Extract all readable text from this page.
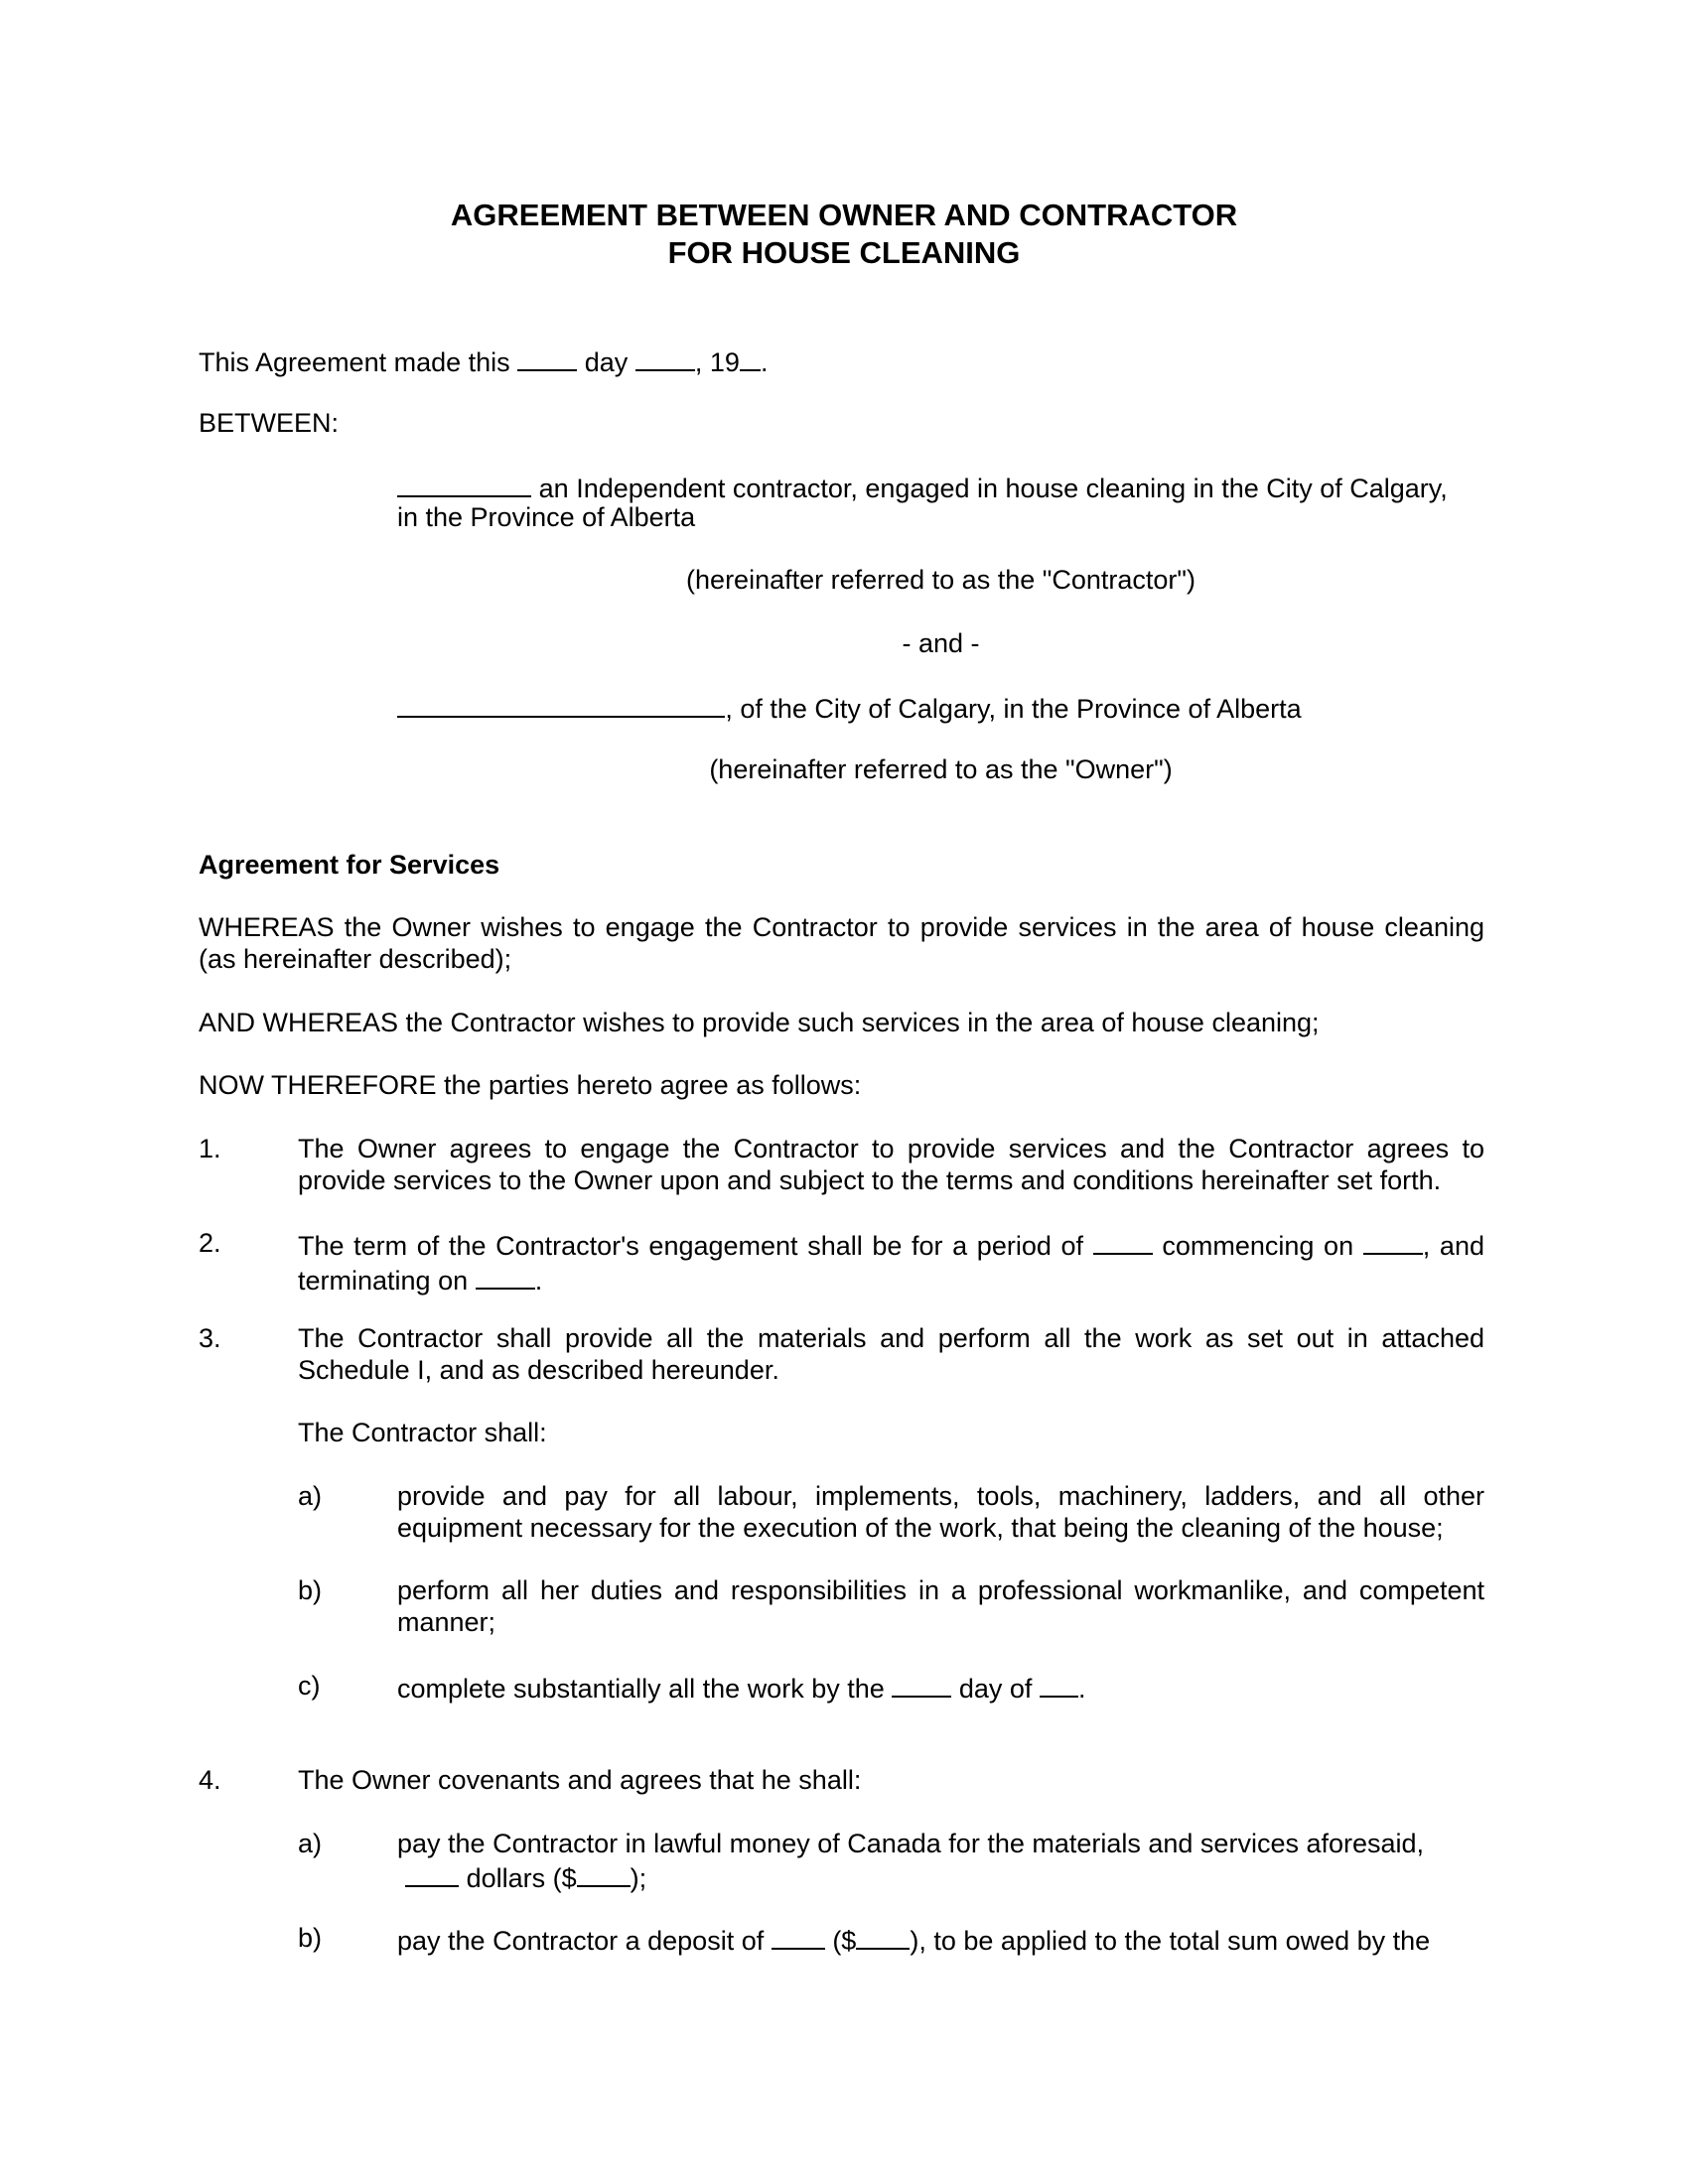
AGREEMENT BETWEEN OWNER AND CONTRACTOR
FOR HOUSE CLEANING
This Agreement made this	day	, 19 .
BETWEEN:
an Independent contractor, engaged in house cleaning in the City of Calgary,
in the Province of Alberta
(hereinafter referred to as the "Contractor")
- and -
, of the City of Calgary, in the Province of Alberta
(hereinafter referred to as the "Owner")
Agreement for Services
WHEREAS the Owner wishes to engage the Contractor to provide services in the area of house cleaning (as hereinafter described);
AND WHEREAS the Contractor wishes to provide such services in the area of house cleaning;
NOW THEREFORE the parties hereto agree as follows:
1.	The Owner agrees to engage the Contractor to provide services and the Contractor agrees to provide services to the Owner upon and subject to the terms and conditions hereinafter set forth.
2.	The term of the Contractor's engagement shall be for a period of	commencing on	, and terminating on	.
3.	The Contractor shall provide all the materials and perform all the work as set out in attached Schedule I, and as described hereunder.
The Contractor shall:
a)	provide and pay for all labour, implements, tools, machinery, ladders, and all other equipment necessary for the execution of the work, that being the cleaning of the house;
b)	perform all her duties and responsibilities in a professional workmanlike, and competent manner;
c)	complete substantially all the work by the	day of .
4.	The Owner covenants and agrees that he shall:
a)	pay the Contractor in lawful money of Canada for the materials and services aforesaid,
dollars ($ );
b)	pay the Contractor a deposit of	($ ), to be applied to the total sum owed by the
